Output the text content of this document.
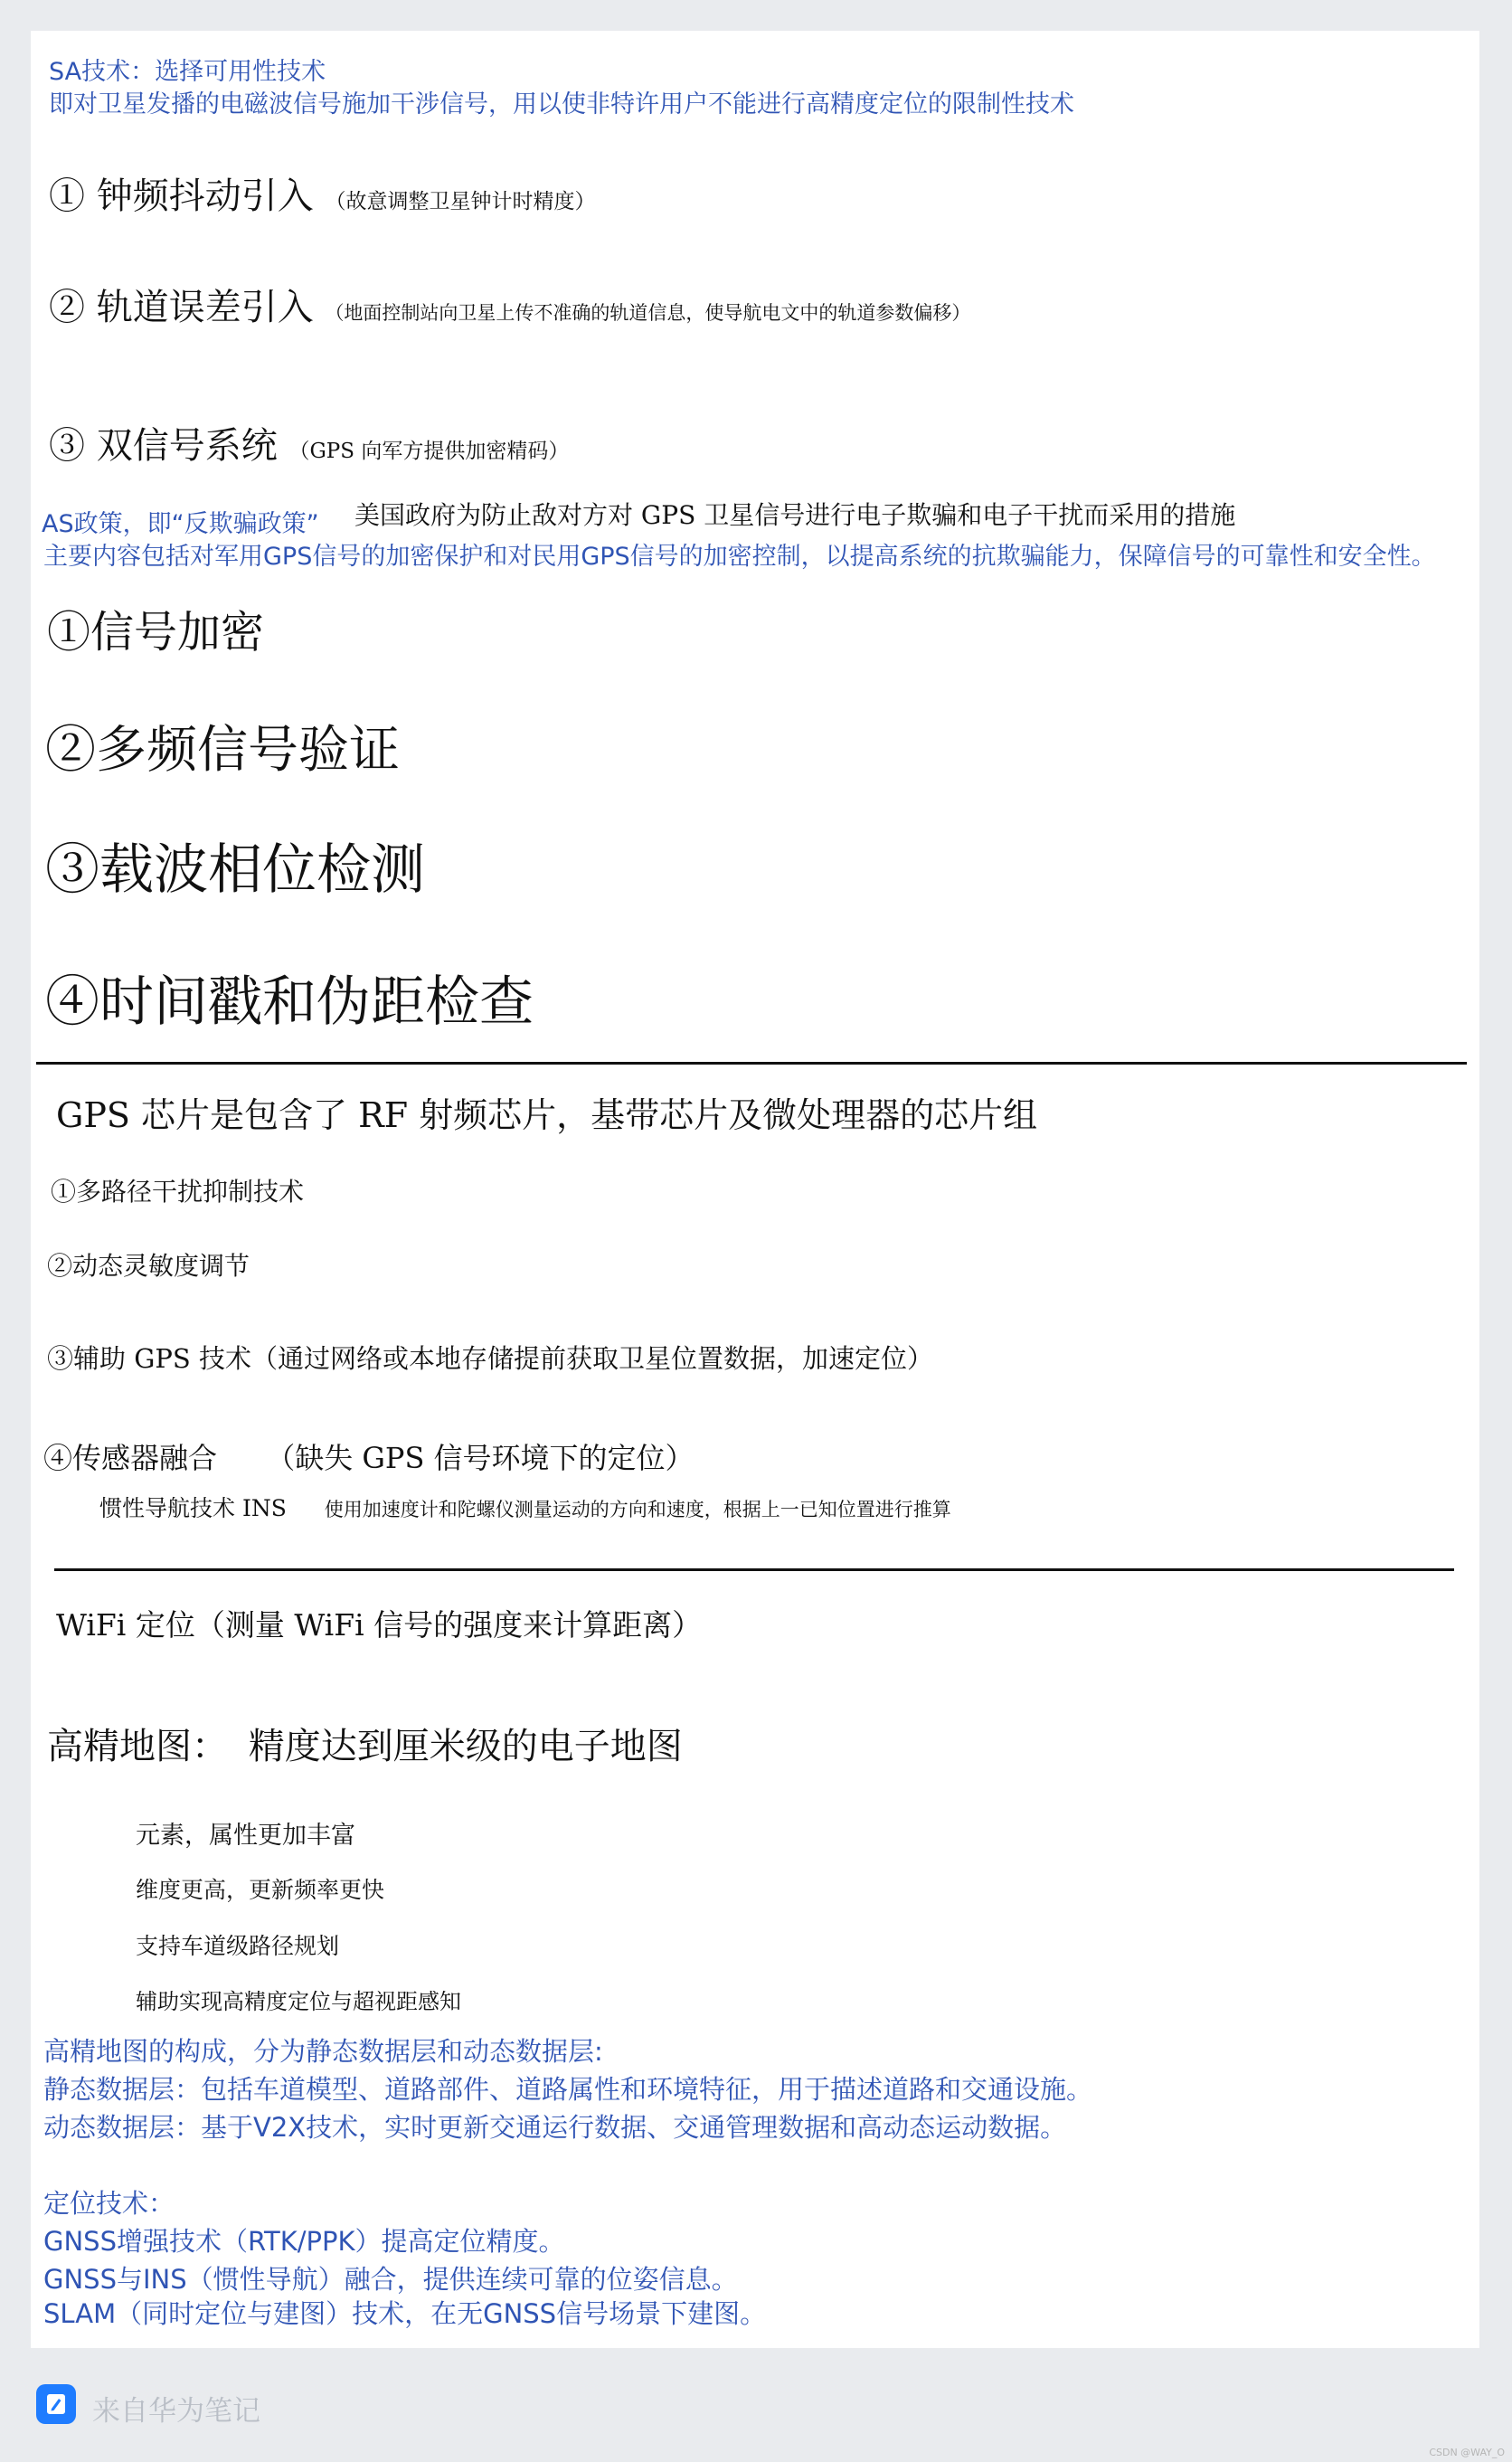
SA技术：选择可用性技术
即对卫星发播的电磁波信号施加干涉信号，用以使非特许用户不能进行高精度定位的限制性技术
① 钟频抖动引入 （故意调整卫星钟计时精度）
② 轨道误差引入 （地面控制站向卫星上传不准确的轨道信息，使导航电文中的轨道参数偏移）
③ 双信号系统 （GPS 向军方提供加密精码）
AS政策，即“反欺骗政策” 美国政府为防止敌对方对 GPS 卫星信号进行电子欺骗和电子干扰而采用的措施
主要内容包括对军用GPS信号的加密保护和对民用GPS信号的加密控制，以提高系统的抗欺骗能力，保障信号的可靠性和安全性。
①信号加密
②多频信号验证
③载波相位检测
④时间戳和伪距检查
GPS 芯片是包含了 RF 射频芯片，基带芯片及微处理器的芯片组
①多路径干扰抑制技术
②动态灵敏度调节
③辅助 GPS 技术（通过网络或本地存储提前获取卫星位置数据，加速定位）
④传感器融合 （缺失 GPS 信号环境下的定位）
惯性导航技术 INS 使用加速度计和陀螺仪测量运动的方向和速度，根据上一已知位置进行推算
WiFi 定位（测量 WiFi 信号的强度来计算距离）
高精地图： 精度达到厘米级的电子地图
元素，属性更加丰富
维度更高，更新频率更快
支持车道级路径规划
辅助实现高精度定位与超视距感知
高精地图的构成，分为静态数据层和动态数据层:
静态数据层：包括车道模型、道路部件、道路属性和环境特征，用于描述道路和交通设施。
动态数据层：基于V2X技术，实时更新交通运行数据、交通管理数据和高动态运动数据。
定位技术：
GNSS增强技术（RTK/PPK）提高定位精度。
GNSS与INS（惯性导航）融合，提供连续可靠的位姿信息。
SLAM（同时定位与建图）技术，在无GNSS信号场景下建图。
来自华为笔记
CSDN @WAY_O
